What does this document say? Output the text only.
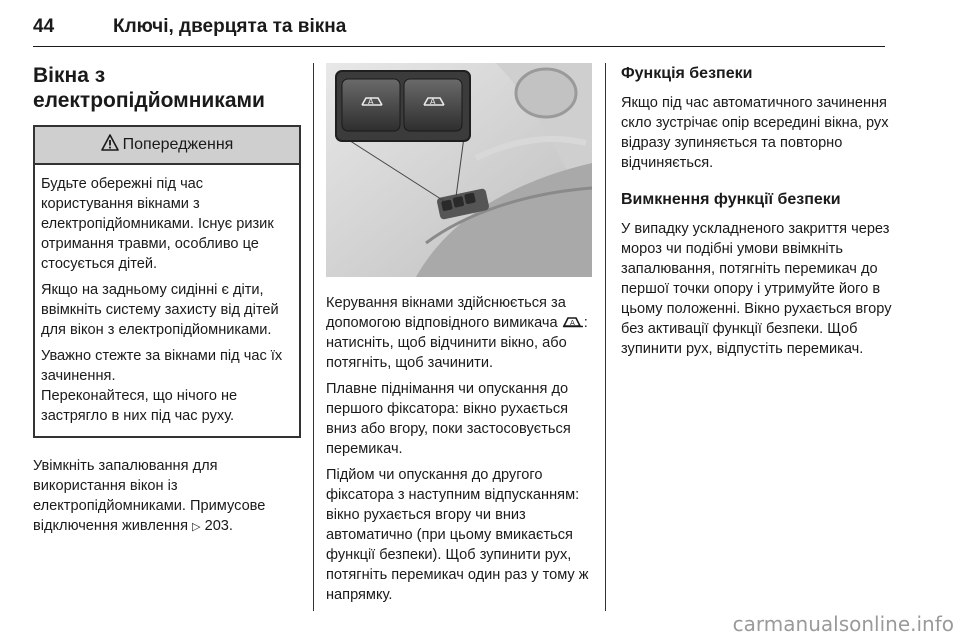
44	Ключі, дверцята та вікна
Вікна з
електропідйомниками
Попередження

Будьте обережні під час користування вікнами з електропідйомниками. Існує ризик отримання травми, особливо це стосується дітей.

Якщо на задньому сидінні є діти, ввімкніть систему захисту від дітей для вікон з електропідйомниками.

Уважно стежте за вікнами під час їх зачинення.
Переконайтеся, що нічого не застрягло в них під час руху.

Увімкніть запалювання для використання вікон із електропідйомниками. Примусове відключення живлення ▷ 203.

A	A

Керування вікнами здійснюється за допомогою відповідного вимикача A : натисніть, щоб відчинити вікно, або потягніть, щоб зачинити.

Плавне піднімання чи опускання до першого фіксатора: вікно рухається вниз або вгору, поки застосовується перемикач.

Підйом чи опускання до другого фіксатора з наступним відпусканням: вікно рухається вгору чи вниз автоматично (при цьому вмикається функції безпеки). Щоб зупинити рух, потягніть перемикач один раз у тому ж напрямку.

Функція безпеки

Якщо під час автоматичного зачинення скло зустрічає опір всередині вікна, рух відразу зупиняється та повторно відчиняється.

Вимкнення функції безпеки

У випадку ускладненого закриття через мороз чи подібні умови ввімкніть запалювання, потягніть перемикач до першої точки опору і утримуйте його в цьому положенні. Вікно рухається вгору без активації функції безпеки. Щоб зупинити рух, відпустіть перемикач.

carmanualsonline.info
